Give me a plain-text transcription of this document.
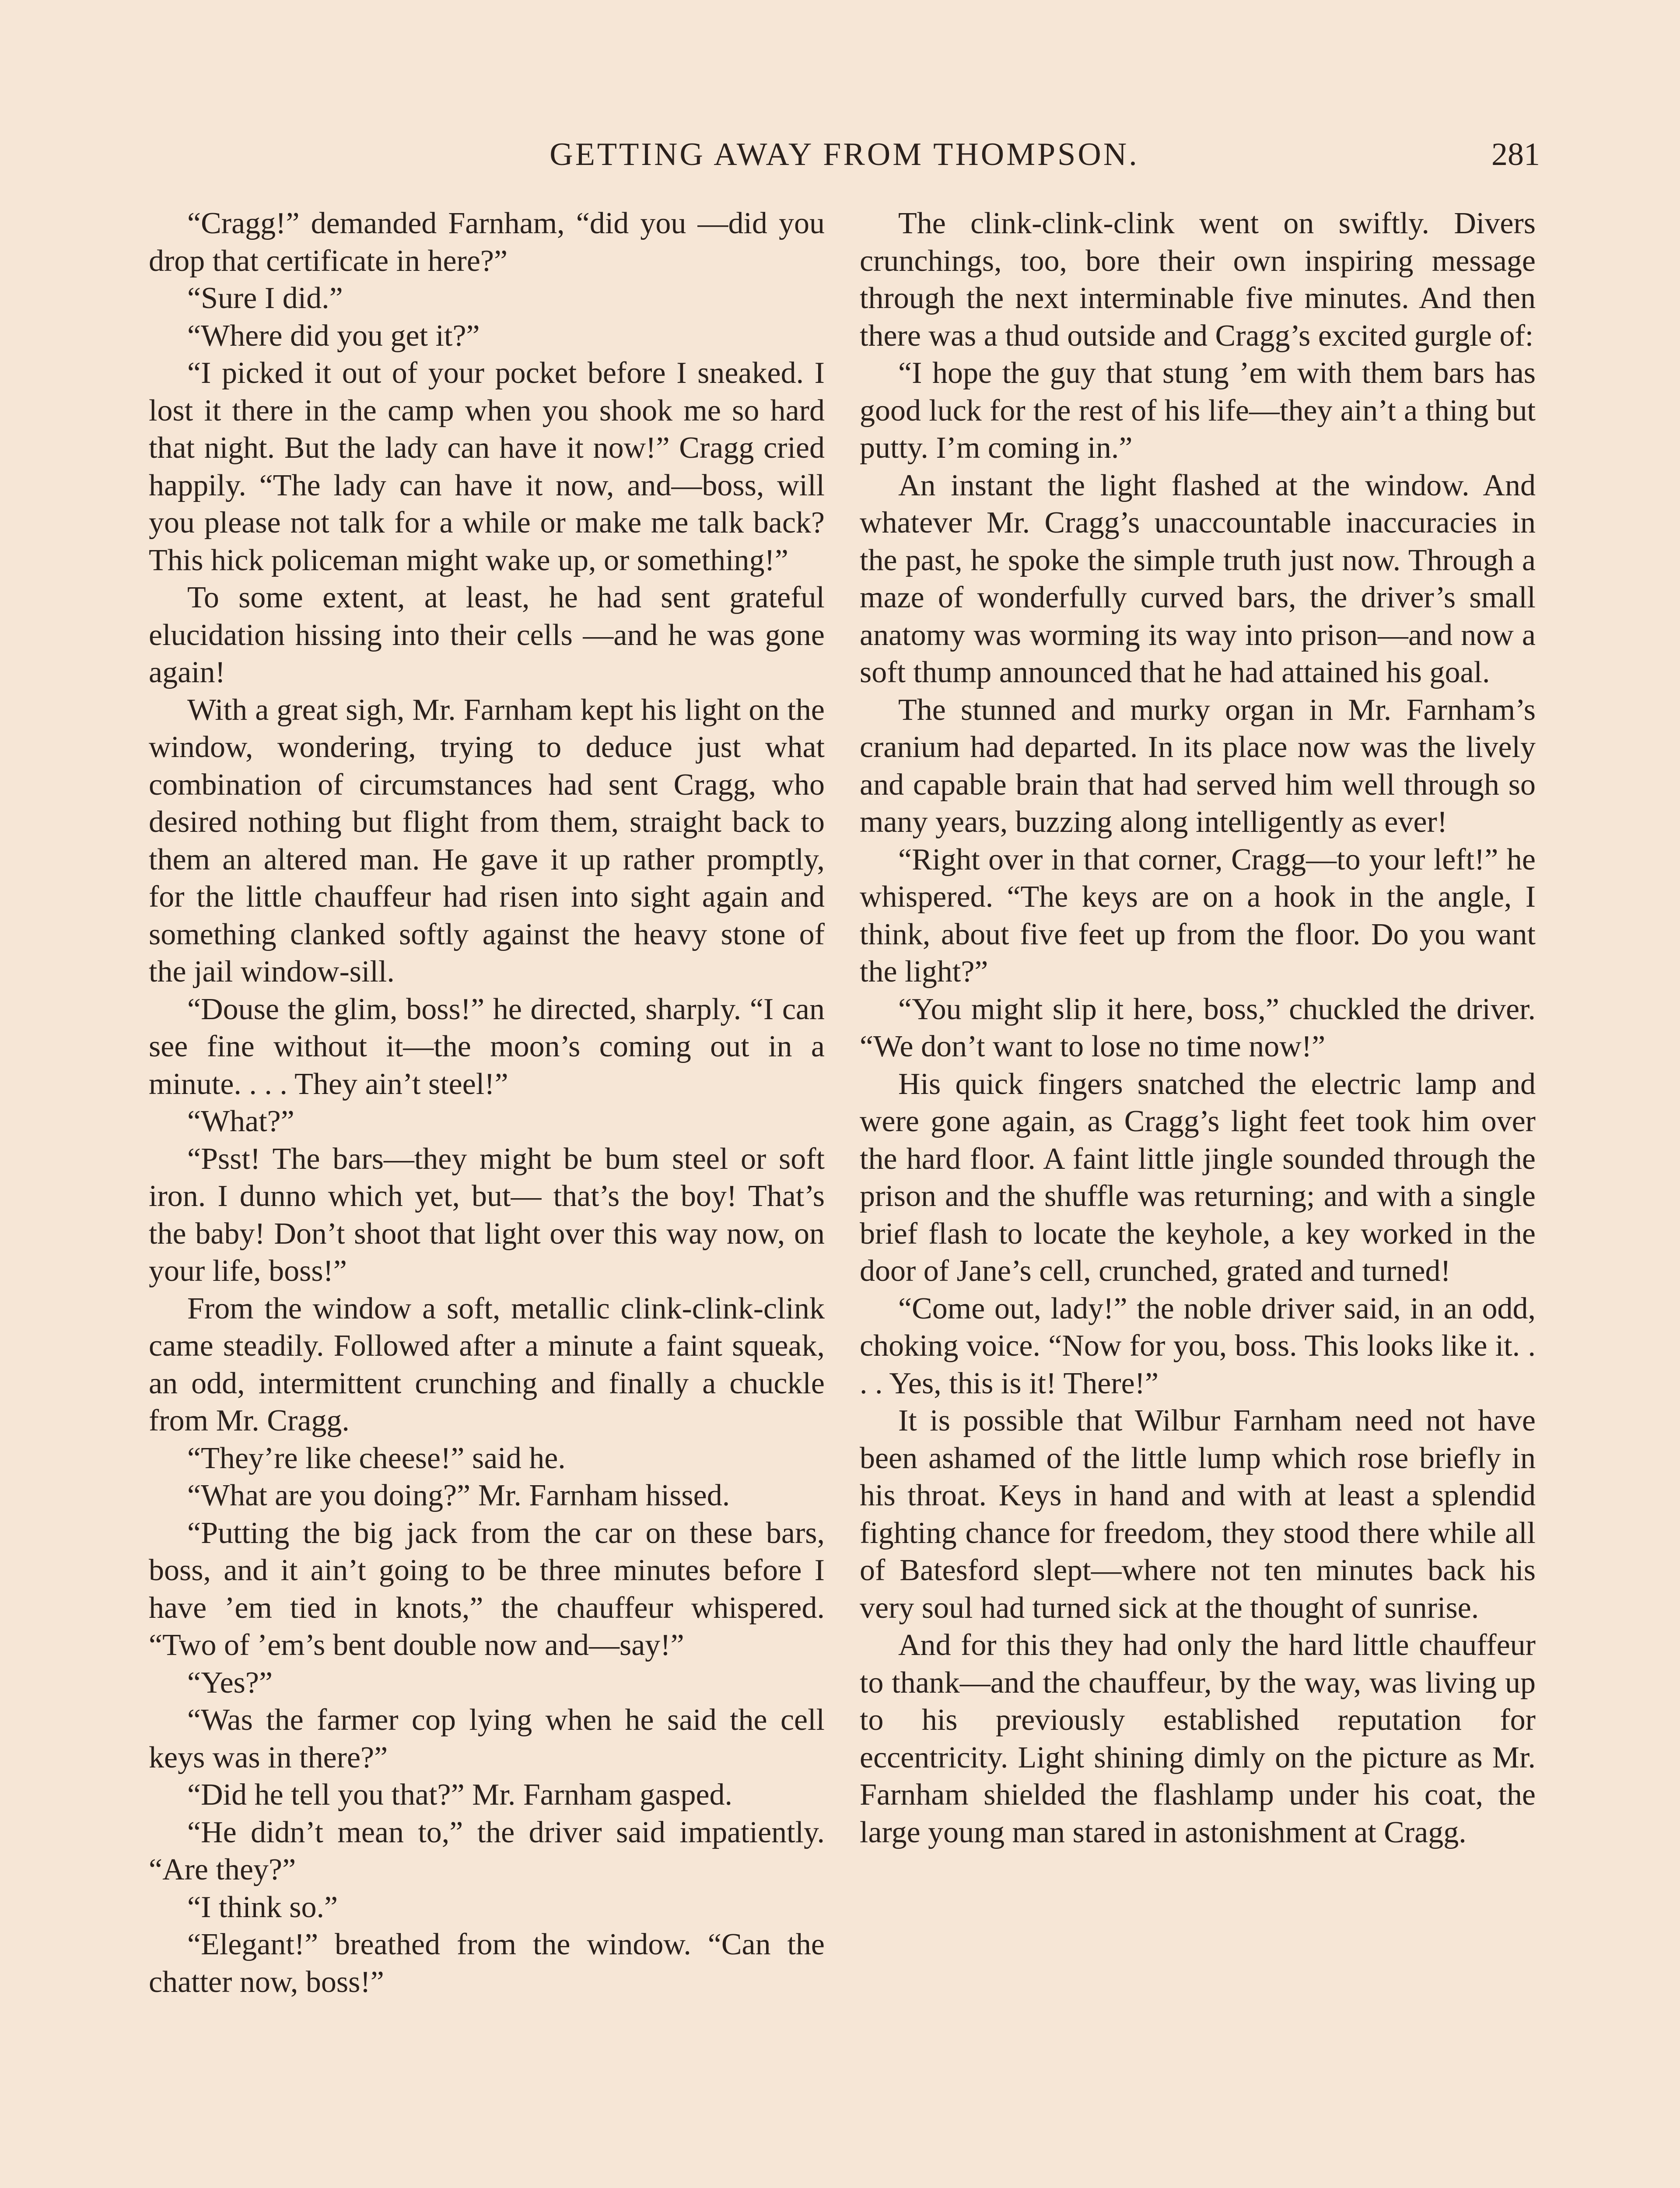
GETTING AWAY FROM THOMPSON.	281

“Cragg!” demanded Farnham, “did you —did you drop that certificate in here?”

“Sure I did.”

“Where did you get it?”

“I picked it out of your pocket before I sneaked. I lost it there in the camp when you shook me so hard that night. But the lady can have it now!” Cragg cried happily. “The lady can have it now, and—boss, will you please not talk for a while or make me talk back? This hick policeman might wake up, or something!”

To some extent, at least, he had sent grateful elucidation hissing into their cells —and he was gone again!

With a great sigh, Mr. Farnham kept his light on the window, wondering, trying to deduce just what combination of circumstances had sent Cragg, who desired nothing but flight from them, straight back to them an altered man. He gave it up rather promptly, for the little chauffeur had risen into sight again and something clanked softly against the heavy stone of the jail window-sill.

“Douse the glim, boss!” he directed, sharply. “I can see fine without it—the moon’s coming out in a minute. . . . They ain’t steel!”

“What?”

“Psst! The bars—they might be bum steel or soft iron. I dunno which yet, but— that’s the boy! That’s the baby! Don’t shoot that light over this way now, on your life, boss!”

From the window a soft, metallic clink-clink-clink came steadily. Followed after a minute a faint squeak, an odd, intermittent crunching and finally a chuckle from Mr. Cragg.

“They’re like cheese!” said he.

“What are you doing?” Mr. Farnham hissed.

“Putting the big jack from the car on these bars, boss, and it ain’t going to be three minutes before I have ’em tied in knots,” the chauffeur whispered. “Two of ’em’s bent double now and—say!”

“Yes?”

“Was the farmer cop lying when he said the cell keys was in there?”

“Did he tell you that?” Mr. Farnham gasped.

“He didn’t mean to,” the driver said impatiently. “Are they?”

“I think so.”

“Elegant!” breathed from the window. “Can the chatter now, boss!”

The clink-clink-clink went on swiftly. Divers crunchings, too, bore their own inspiring message through the next interminable five minutes. And then there was a thud outside and Cragg’s excited gurgle of:

“I hope the guy that stung ’em with them bars has good luck for the rest of his life—they ain’t a thing but putty. I’m coming in.”

An instant the light flashed at the window. And whatever Mr. Cragg’s unaccountable inaccuracies in the past, he spoke the simple truth just now. Through a maze of wonderfully curved bars, the driver’s small anatomy was worming its way into prison—and now a soft thump announced that he had attained his goal.

The stunned and murky organ in Mr. Farnham’s cranium had departed. In its place now was the lively and capable brain that had served him well through so many years, buzzing along intelligently as ever!

“Right over in that corner, Cragg—to your left!” he whispered. “The keys are on a hook in the angle, I think, about five feet up from the floor. Do you want the light?”

“You might slip it here, boss,” chuckled the driver. “We don’t want to lose no time now!”

His quick fingers snatched the electric lamp and were gone again, as Cragg’s light feet took him over the hard floor. A faint little jingle sounded through the prison and the shuffle was returning; and with a single brief flash to locate the keyhole, a key worked in the door of Jane’s cell, crunched, grated and turned!

“Come out, lady!” the noble driver said, in an odd, choking voice. “Now for you, boss. This looks like it. . . . Yes, this is it! There!”

It is possible that Wilbur Farnham need not have been ashamed of the little lump which rose briefly in his throat. Keys in hand and with at least a splendid fighting chance for freedom, they stood there while all of Batesford slept—where not ten minutes back his very soul had turned sick at the thought of sunrise.

And for this they had only the hard little chauffeur to thank—and the chauffeur, by the way, was living up to his previously established reputation for eccentricity. Light shining dimly on the picture as Mr. Farnham shielded the flashlamp under his coat, the large young man stared in astonishment at Cragg.
